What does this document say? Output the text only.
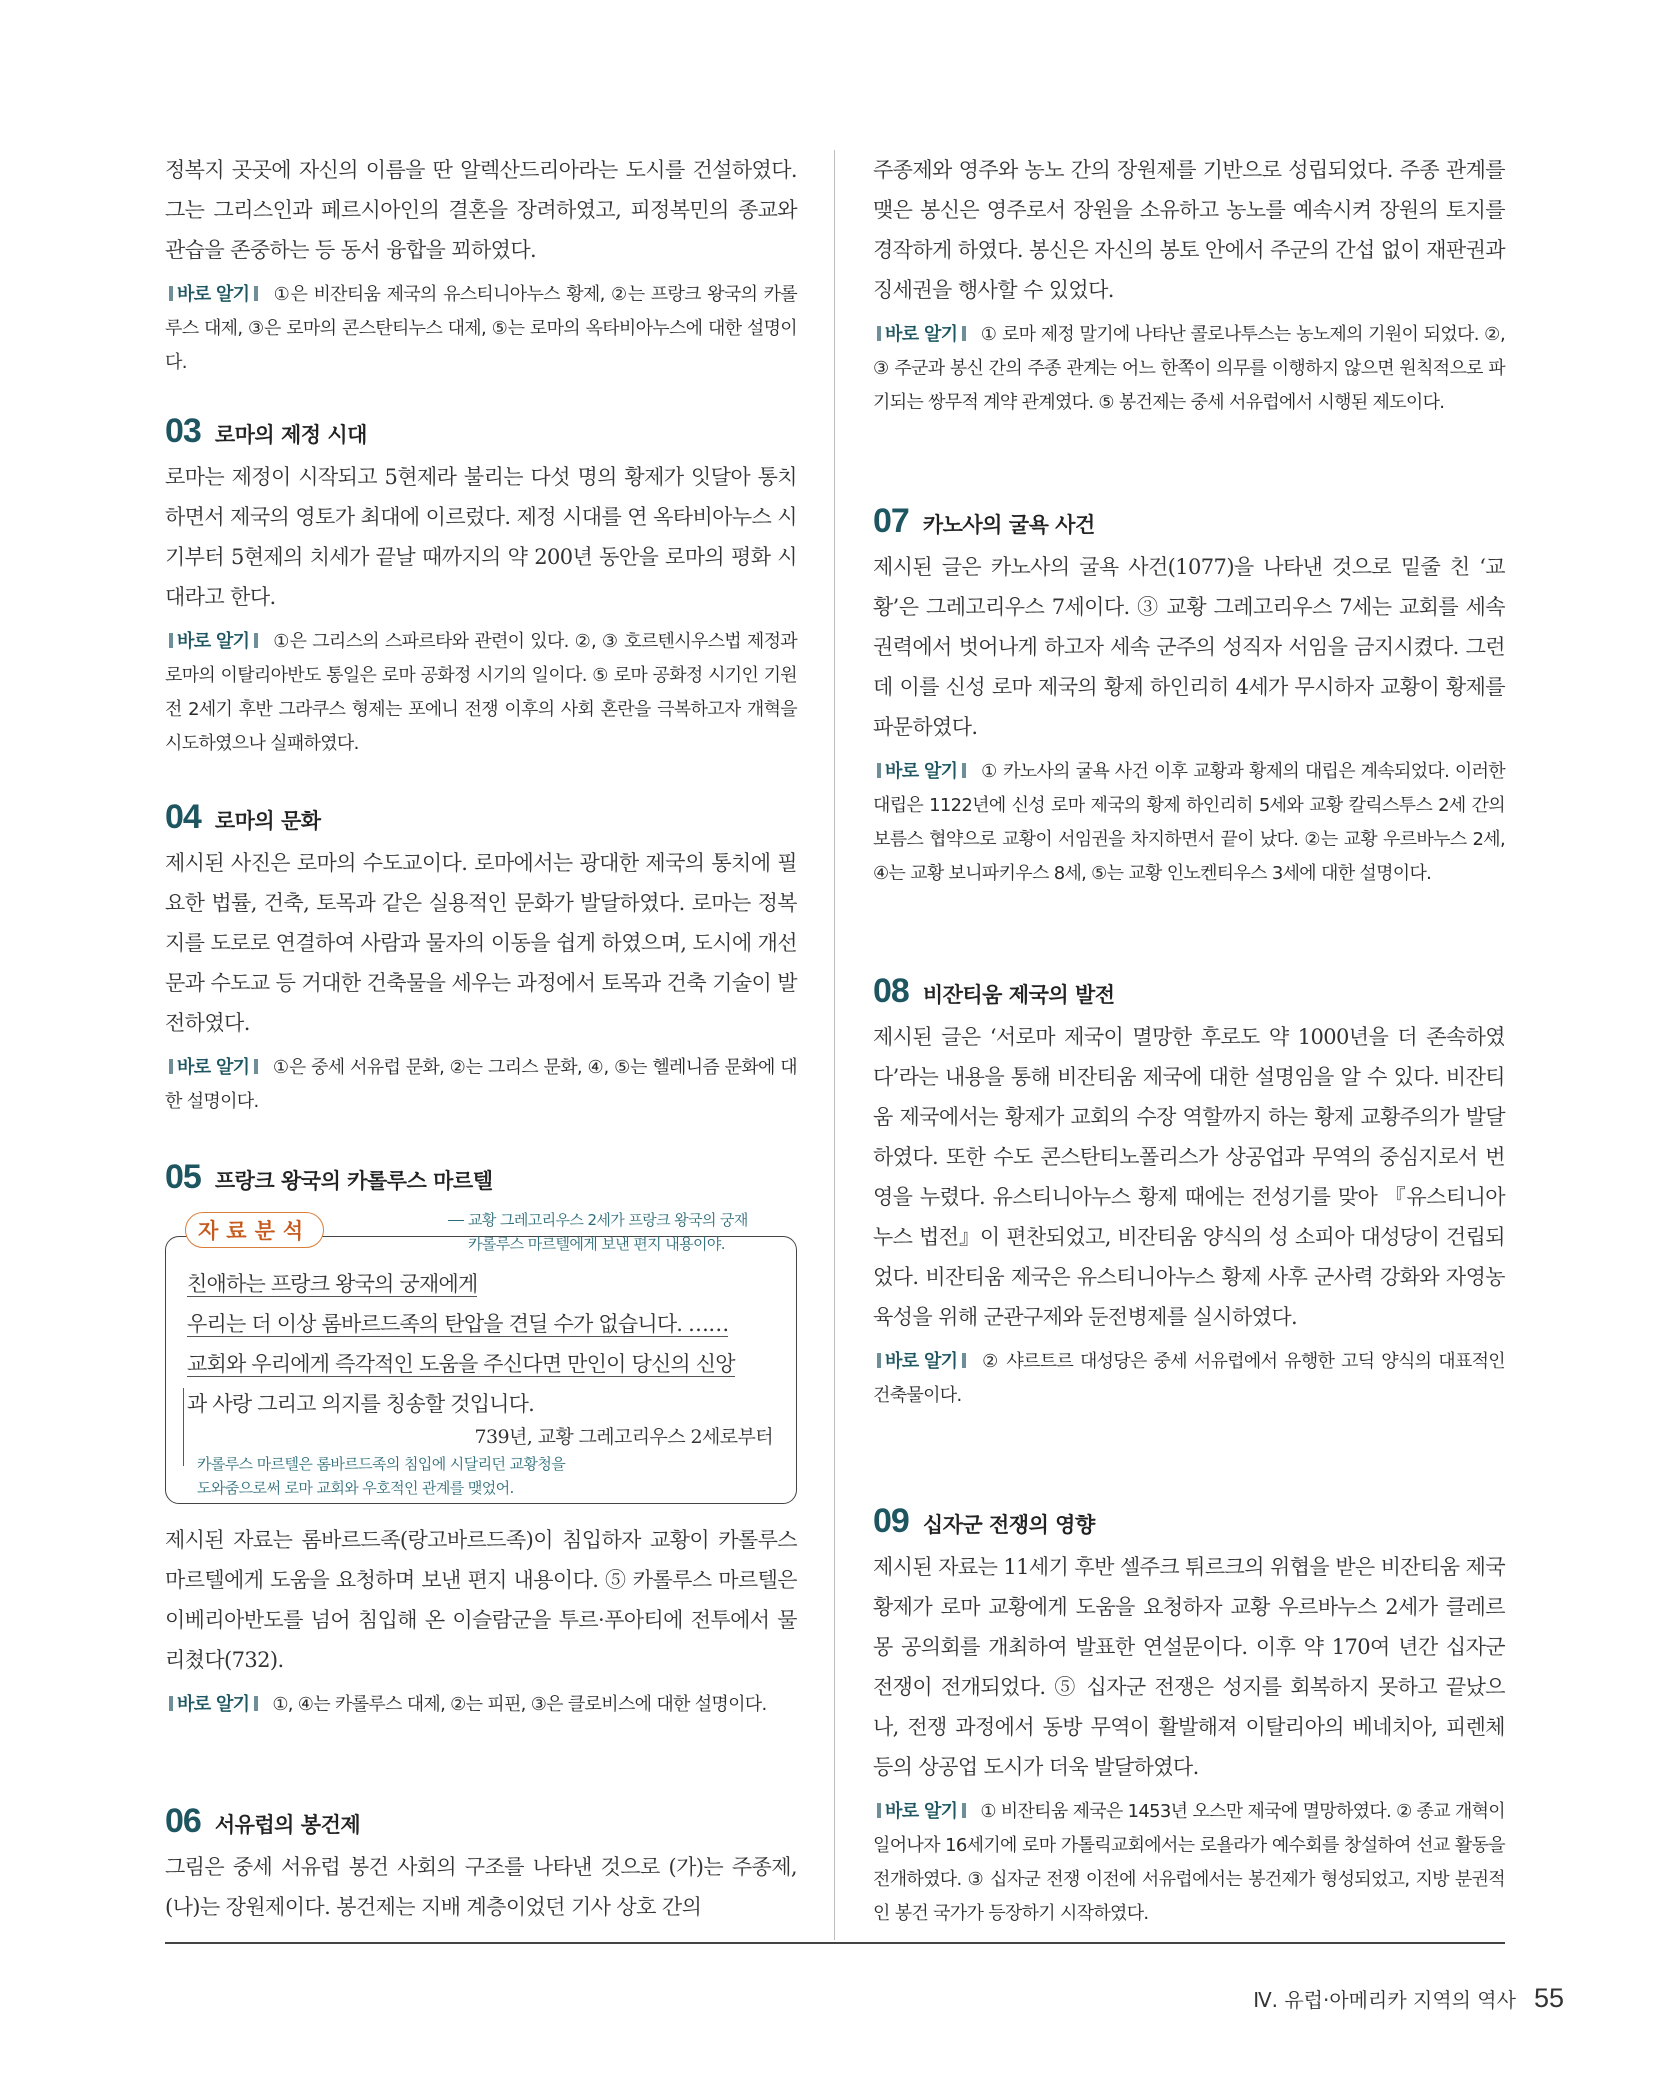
정복지 곳곳에 자신의 이름을 딴 알렉산드리아라는 도시를 건설하였다. 그는 그리스인과 페르시아인의 결혼을 장려하였고, 피정복민의 종교와 관습을 존중하는 등 동서 융합을 꾀하였다.

바로 알기 ①은 비잔티움 제국의 유스티니아누스 황제, ②는 프랑크 왕국의 카롤루스 대제, ③은 로마의 콘스탄티누스 대제, ⑤는 로마의 옥타비아누스에 대한 설명이다.

03 로마의 제정 시대

로마는 제정이 시작되고 5현제라 불리는 다섯 명의 황제가 잇달아 통치하면서 제국의 영토가 최대에 이르렀다. 제정 시대를 연 옥타비아누스 시기부터 5현제의 치세가 끝날 때까지의 약 200년 동안을 로마의 평화 시대라고 한다.

바로 알기 ①은 그리스의 스파르타와 관련이 있다. ②, ③ 호르텐시우스법 제정과 로마의 이탈리아반도 통일은 로마 공화정 시기의 일이다. ⑤ 로마 공화정 시기인 기원전 2세기 후반 그라쿠스 형제는 포에니 전쟁 이후의 사회 혼란을 극복하고자 개혁을 시도하였으나 실패하였다.

04 로마의 문화

제시된 사진은 로마의 수도교이다. 로마에서는 광대한 제국의 통치에 필요한 법률, 건축, 토목과 같은 실용적인 문화가 발달하였다. 로마는 정복지를 도로로 연결하여 사람과 물자의 이동을 쉽게 하였으며, 도시에 개선문과 수도교 등 거대한 건축물을 세우는 과정에서 토목과 건축 기술이 발전하였다.

바로 알기 ①은 중세 서유럽 문화, ②는 그리스 문화, ④, ⑤는 헬레니즘 문화에 대한 설명이다.

05 프랑크 왕국의 카롤루스 마르텔
자료분석	교황 그레고리우스 2세가 프랑크 왕국의 궁재
카롤루스 마르텔에게 보낸 편지 내용이야.
친애하는 프랑크 왕국의 궁재에게
우리는 더 이상 롬바르드족의 탄압을 견딜 수가 없습니다. ……
교회와 우리에게 즉각적인 도움을 주신다면 만인이 당신의 신앙
과 사랑 그리고 의지를 칭송할 것입니다.
739년, 교황 그레고리우스 2세로부터
카롤루스 마르텔은 롬바르드족의 침입에 시달리던 교황청을
도와줌으로써 로마 교회와 우호적인 관계를 맺었어.

제시된 자료는 롬바르드족(랑고바르드족)이 침입하자 교황이 카롤루스 마르텔에게 도움을 요청하며 보낸 편지 내용이다. ⑤ 카롤루스 마르텔은 이베리아반도를 넘어 침입해 온 이슬람군을 투르·푸아티에 전투에서 물리쳤다(732).

바로 알기 ①, ④는 카롤루스 대제, ②는 피핀, ③은 클로비스에 대한 설명이다.

06 서유럽의 봉건제

그림은 중세 서유럽 봉건 사회의 구조를 나타낸 것으로 (가)는 주종제, (나)는 장원제이다. 봉건제는 지배 계층이었던 기사 상호 간의

주종제와 영주와 농노 간의 장원제를 기반으로 성립되었다. 주종 관계를 맺은 봉신은 영주로서 장원을 소유하고 농노를 예속시켜 장원의 토지를 경작하게 하였다. 봉신은 자신의 봉토 안에서 주군의 간섭 없이 재판권과 징세권을 행사할 수 있었다.

바로 알기 ① 로마 제정 말기에 나타난 콜로나투스는 농노제의 기원이 되었다. ②, ③ 주군과 봉신 간의 주종 관계는 어느 한쪽이 의무를 이행하지 않으면 원칙적으로 파기되는 쌍무적 계약 관계였다. ⑤ 봉건제는 중세 서유럽에서 시행된 제도이다.

07 카노사의 굴욕 사건

제시된 글은 카노사의 굴욕 사건(1077)을 나타낸 것으로 밑줄 친 ‘교황’은 그레고리우스 7세이다. ③ 교황 그레고리우스 7세는 교회를 세속 권력에서 벗어나게 하고자 세속 군주의 성직자 서임을 금지시켰다. 그런데 이를 신성 로마 제국의 황제 하인리히 4세가 무시하자 교황이 황제를 파문하였다.

바로 알기 ① 카노사의 굴욕 사건 이후 교황과 황제의 대립은 계속되었다. 이러한 대립은 1122년에 신성 로마 제국의 황제 하인리히 5세와 교황 칼릭스투스 2세 간의 보름스 협약으로 교황이 서임권을 차지하면서 끝이 났다. ②는 교황 우르바누스 2세, ④는 교황 보니파키우스 8세, ⑤는 교황 인노켄티우스 3세에 대한 설명이다.

08 비잔티움 제국의 발전

제시된 글은 ‘서로마 제국이 멸망한 후로도 약 1000년을 더 존속하였다’라는 내용을 통해 비잔티움 제국에 대한 설명임을 알 수 있다. 비잔티움 제국에서는 황제가 교회의 수장 역할까지 하는 황제 교황주의가 발달하였다. 또한 수도 콘스탄티노폴리스가 상공업과 무역의 중심지로서 번영을 누렸다. 유스티니아누스 황제 때에는 전성기를 맞아 『유스티니아누스 법전』이 편찬되었고, 비잔티움 양식의 성 소피아 대성당이 건립되었다. 비잔티움 제국은 유스티니아누스 황제 사후 군사력 강화와 자영농 육성을 위해 군관구제와 둔전병제를 실시하였다.

바로 알기 ② 샤르트르 대성당은 중세 서유럽에서 유행한 고딕 양식의 대표적인 건축물이다.

09 십자군 전쟁의 영향

제시된 자료는 11세기 후반 셀주크 튀르크의 위협을 받은 비잔티움 제국 황제가 로마 교황에게 도움을 요청하자 교황 우르바누스 2세가 클레르몽 공의회를 개최하여 발표한 연설문이다. 이후 약 170여 년간 십자군 전쟁이 전개되었다. ⑤ 십자군 전쟁은 성지를 회복하지 못하고 끝났으나, 전쟁 과정에서 동방 무역이 활발해져 이탈리아의 베네치아, 피렌체 등의 상공업 도시가 더욱 발달하였다.

바로 알기 ① 비잔티움 제국은 1453년 오스만 제국에 멸망하였다. ② 종교 개혁이 일어나자 16세기에 로마 가톨릭교회에서는 로욜라가 예수회를 창설하여 선교 활동을 전개하였다. ③ 십자군 전쟁 이전에 서유럽에서는 봉건제가 형성되었고, 지방 분권적인 봉건 국가가 등장하기 시작하였다.

Ⅳ. 유럽·아메리카 지역의 역사 55
